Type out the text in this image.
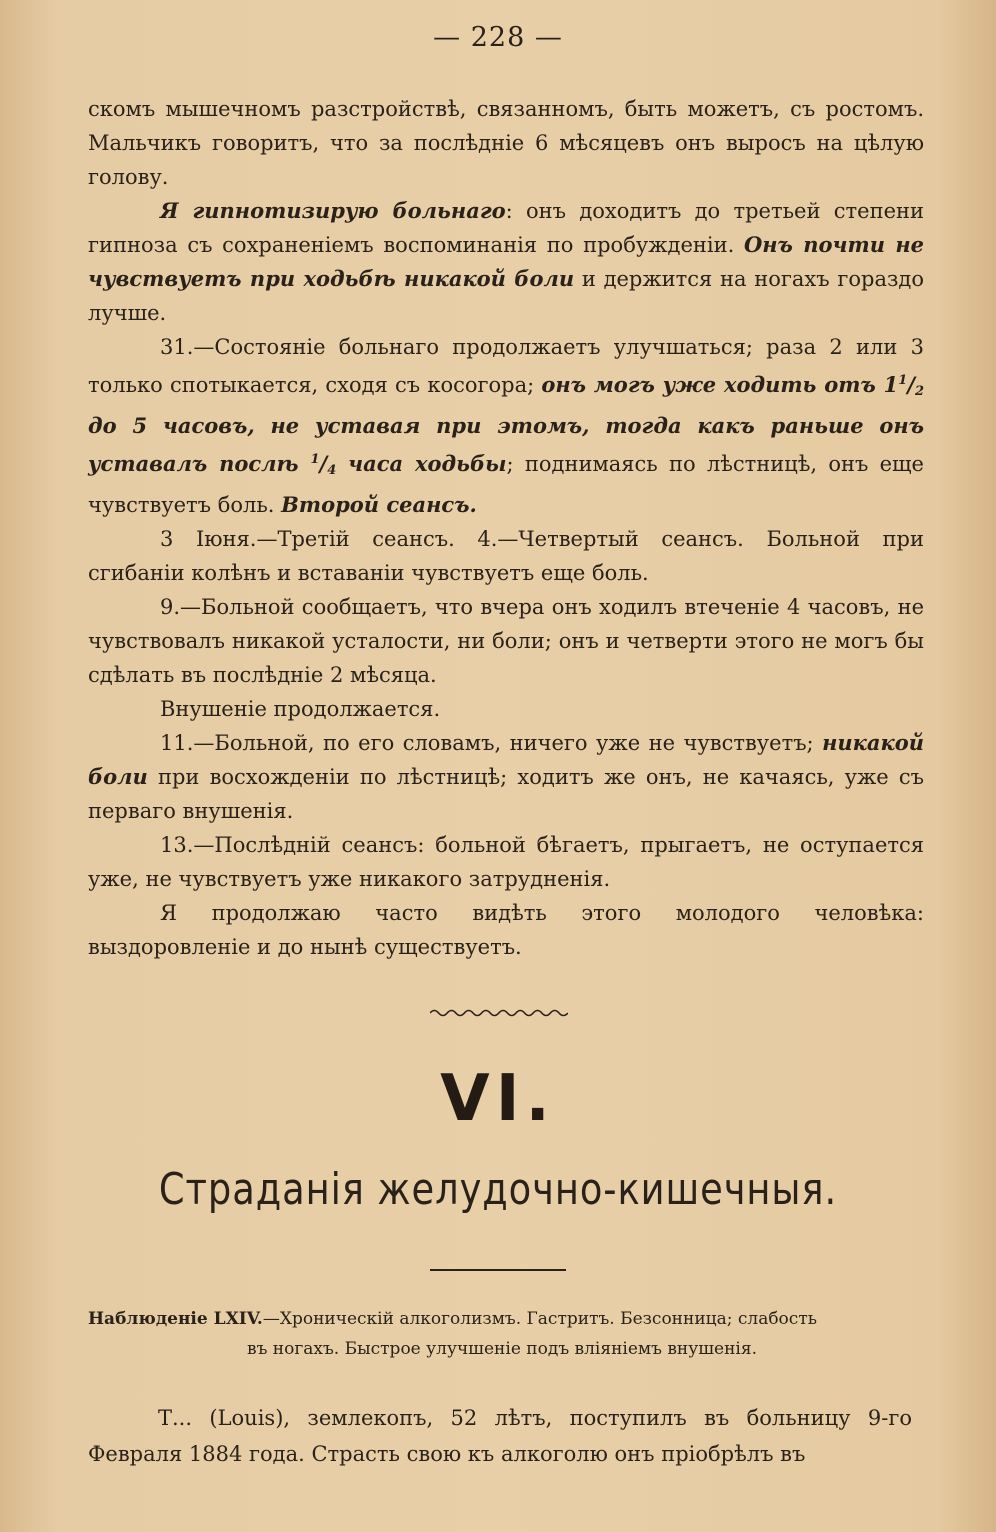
— 228 —

скомъ мышечномъ разстройствѣ, связанномъ, быть можетъ, съ ростомъ. Мальчикъ говоритъ, что за послѣдніе 6 мѣсяцевъ онъ выросъ на цѣлую голову.

Я гипнотизирую больнаго: онъ доходитъ до третьей степени гипноза съ сохраненіемъ воспоминанія по пробужденіи. Онъ почти не чувствуетъ при ходьбѣ никакой боли и держится на ногахъ гораздо лучше.

31.—Состояніе больнаго продолжаетъ улучшаться; раза 2 или 3 только спотыкается, сходя съ косогора; онъ могъ уже ходить отъ $1^1/_2$ до 5 часовъ, не уставая при этомъ, тогда какъ раньше онъ уставалъ послѣ $^1/_4$ часа ходьбы; поднимаясь по лѣстницѣ, онъ еще чувствуетъ боль. Второй сеансъ.

3 Іюня.—Третій сеансъ. 4.—Четвертый сеансъ. Больной при сгибаніи колѣнъ и вставаніи чувствуетъ еще боль.

9.—Больной сообщаетъ, что вчера онъ ходилъ втеченіе 4 часовъ, не чувствовалъ никакой усталости, ни боли; онъ и четверти этого не могъ бы сдѣлать въ послѣдніе 2 мѣсяца.

Внушеніе продолжается.

11.—Больной, по его словамъ, ничего уже не чувствуетъ; никакой боли при восхожденіи по лѣстницѣ; ходитъ же онъ, не качаясь, уже съ перваго внушенія.

13.—Послѣдній сеансъ: больной бѣгаетъ, прыгаетъ, не оступается уже, не чувствуетъ уже никакого затрудненія.

Я продолжаю часто видѣть этого молодого человѣка: выздоровленіе и до нынѣ существуетъ.

VI.
Страданія желудочно-кишечныя.
Наблюденіе LXIV.—Хроническій алкоголизмъ. Гастритъ. Безсонница; слабость
въ ногахъ. Быстрое улучшеніе подъ вліяніемъ внушенія.

Т... (Louis), землекопъ, 52 лѣтъ, поступилъ въ больницу 9-го Февраля 1884 года. Страсть свою къ алкоголю онъ пріобрѣлъ въ
